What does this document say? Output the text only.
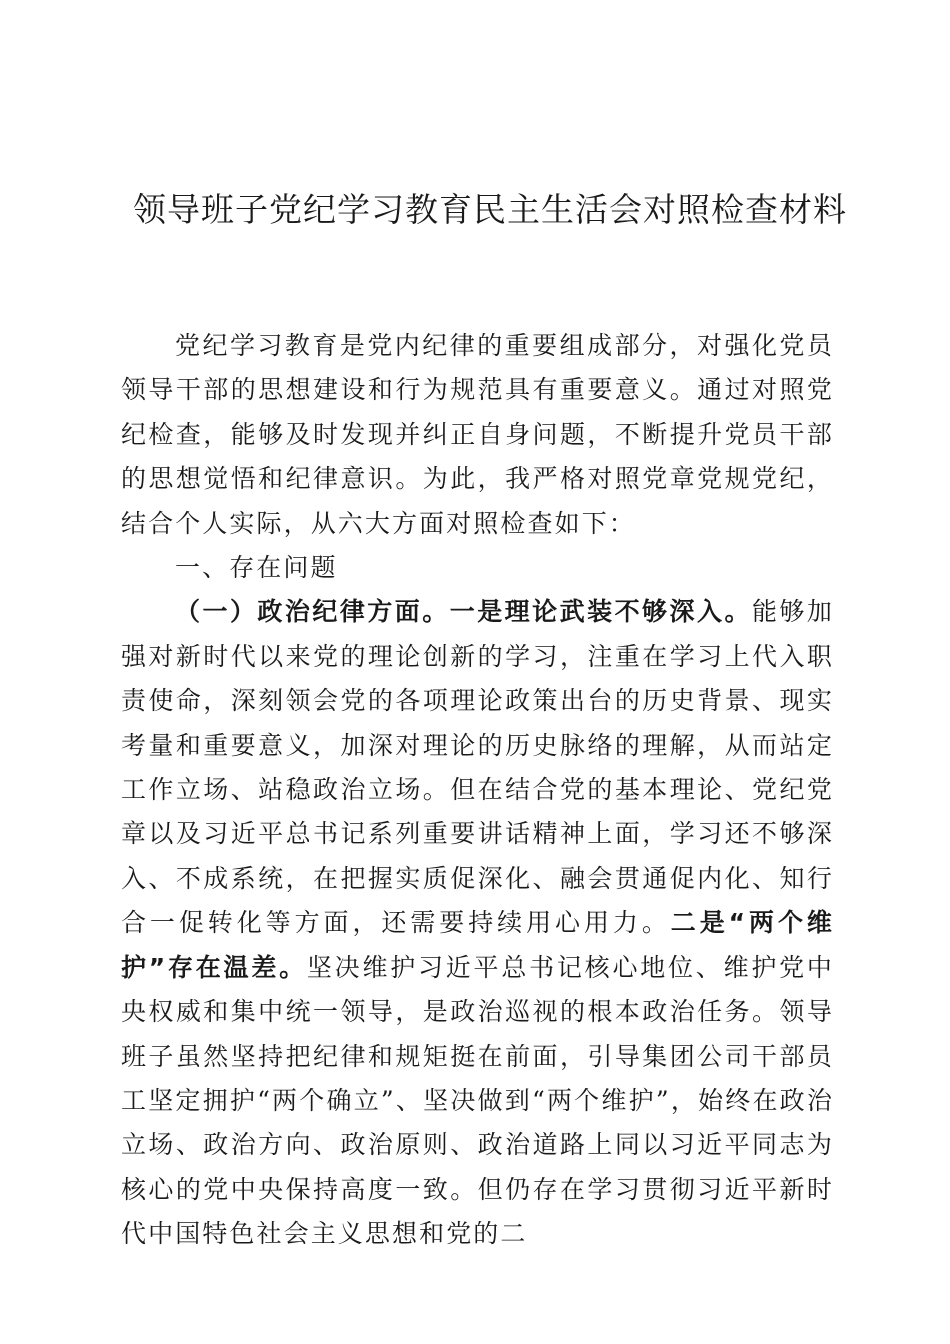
领导班子党纪学习教育民主生活会对照检查材料

党纪学习教育是党内纪律的重要组成部分，对强化党员领导干部的思想建设和行为规范具有重要意义。通过对照党纪检查，能够及时发现并纠正自身问题，不断提升党员干部的思想觉悟和纪律意识。为此，我严格对照党章党规党纪，结合个人实际，从六大方面对照检查如下：

一、存在问题

（一）政治纪律方面。一是理论武装不够深入。能够加强对新时代以来党的理论创新的学习，注重在学习上代入职责使命，深刻领会党的各项理论政策出台的历史背景、现实考量和重要意义，加深对理论的历史脉络的理解，从而站定工作立场、站稳政治立场。但在结合党的基本理论、党纪党章以及习近平总书记系列重要讲话精神上面，学习还不够深入、不成系统，在把握实质促深化、融会贯通促内化、知行合一促转化等方面，还需要持续用心用力。二是“两个维护”存在温差。坚决维护习近平总书记核心地位、维护党中央权威和集中统一领导，是政治巡视的根本政治任务。领导班子虽然坚持把纪律和规矩挺在前面，引导集团公司干部员工坚定拥护“两个确立”、坚决做到“两个维护”，始终在政治立场、政治方向、政治原则、政治道路上同以习近平同志为核心的党中央保持高度一致。但仍存在学习贯彻习近平新时代中国特色社会主义思想和党的二
